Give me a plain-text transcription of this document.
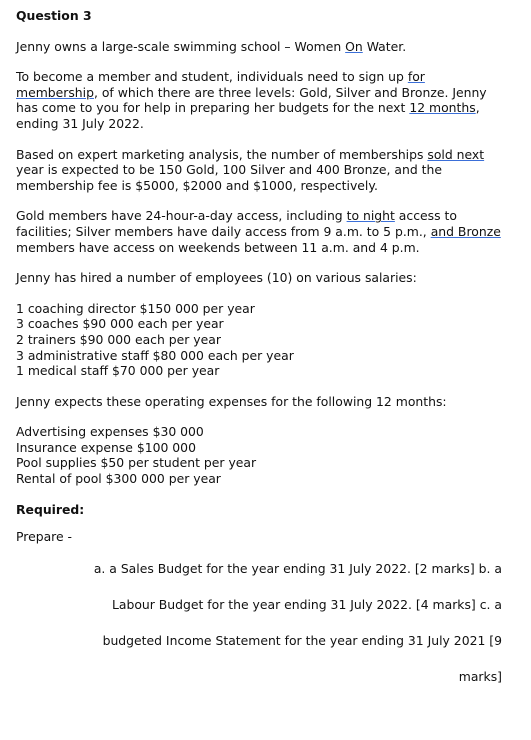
Question 3
Jenny owns a large-scale swimming school – Women On Water.
To become a member and student, individuals need to sign up for membership, of which there are three levels: Gold, Silver and Bronze. Jenny has come to you for help in preparing her budgets for the next 12 months, ending 31 July 2022.
Based on expert marketing analysis, the number of memberships sold next year is expected to be 150 Gold, 100 Silver and 400 Bronze, and the membership fee is $5000, $2000 and $1000, respectively.
Gold members have 24-hour-a-day access, including to night access to facilities; Silver members have daily access from 9 a.m. to 5 p.m., and Bronze members have access on weekends between 11 a.m. and 4 p.m.
Jenny has hired a number of employees (10) on various salaries:
1 coaching director $150 000 per year
3 coaches $90 000 each per year
2 trainers $90 000 each per year
3 administrative staff $80 000 each per year
1 medical staff $70 000 per year
Jenny expects these operating expenses for the following 12 months:
Advertising expenses $30 000
Insurance expense $100 000
Pool supplies $50 per student per year
Rental of pool $300 000 per year
Required:
Prepare -
a. a Sales Budget for the year ending 31 July 2022. [2 marks] b. a
Labour Budget for the year ending 31 July 2022. [4 marks] c. a
budgeted Income Statement for the year ending 31 July 2021 [9
marks]
